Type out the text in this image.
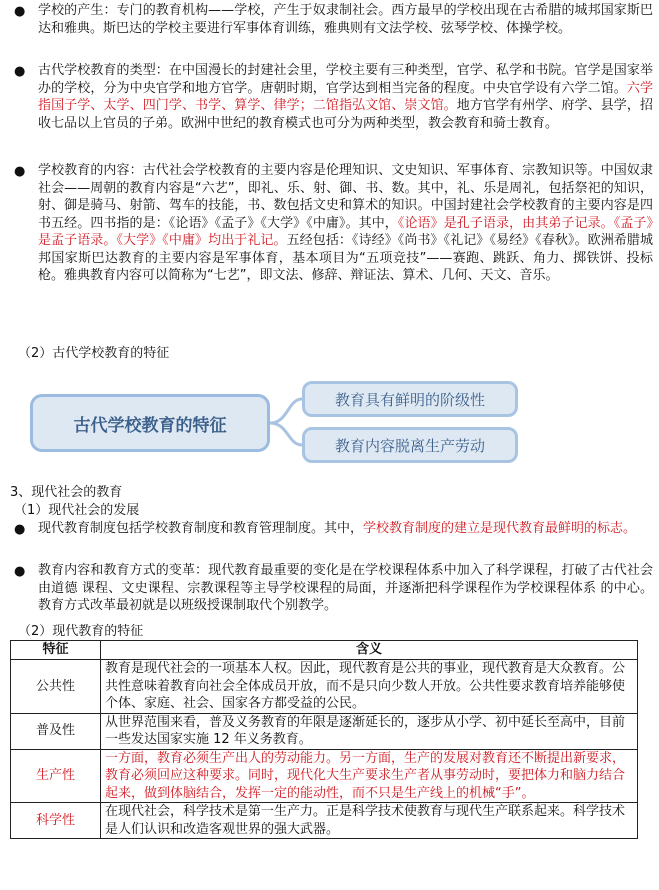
● 学校的产生：专门的教育机构——学校，产生于奴隶制社会。西方最早的学校出现在古希腊的城邦国家斯巴达和雅典。斯巴达的学校主要进行军事体育训练，雅典则有文法学校、弦琴学校、体操学校。
● 古代学校教育的类型：在中国漫长的封建社会里，学校主要有三种类型，官学、私学和书院。官学是国家举办的学校，分为中央官学和地方官学。唐朝时期，官学达到相当完备的程度。中央官学设有六学二馆。六学指国子学、太学、四门学、书学、算学、律学；二馆指弘文馆、崇文馆。地方官学有州学、府学、县学，招收七品以上官员的子弟。欧洲中世纪的教育模式也可分为两种类型，教会教育和骑士教育。
● 学校教育的内容：古代社会学校教育的主要内容是伦理知识、文史知识、军事体育、宗教知识等。中国奴隶社会——周朝的教育内容是“六艺”，即礼、乐、射、御、书、数。其中，礼、乐是周礼，包括祭祀的知识，射、御是骑马、射箭、驾车的技能，书、数包括文史和算术的知识。中国封建社会学校教育的主要内容是四书五经。四书指的是：《论语》《孟子》《大学》《中庸》。其中，《论语》是孔子语录，由其弟子记录。《孟子》是孟子语录。《大学》《中庸》均出于礼记。五经包括：《诗经》《尚书》《礼记》《易经》《春秋》。欧洲希腊城邦国家斯巴达教育的主要内容是军事体育，基本项目为“五项竞技”——赛跑、跳跃、角力、掷铁饼、投标枪。雅典教育内容可以简称为“七艺”，即文法、修辞、辩证法、算术、几何、天文、音乐。
（2）古代学校教育的特征
古代学校教育的特征
教育具有鲜明的阶级性
教育内容脱离生产劳动
3、现代社会的教育
（1）现代社会的发展
● 现代教育制度包括学校教育制度和教育管理制度。其中，学校教育制度的建立是现代教育最鲜明的标志。
● 教育内容和教育方式的变革：现代教育最重要的变化是在学校课程体系中加入了科学课程，打破了古代社会由道德 课程、文史课程、宗教课程等主导学校课程的局面，并逐渐把科学课程作为学校课程体系 的中心。教育方式改革最初就是以班级授课制取代个别教学。
（2）现代教育的特征
特征	含义
公共性	教育是现代社会的一项基本人权。因此，现代教育是公共的事业，现代教育是大众教育。公共性意味着教育向社会全体成员开放，而不是只向少数人开放。公共性要求教育培养能够使个体、家庭、社会、国家各方都受益的公民。
普及性	从世界范围来看，普及义务教育的年限是逐渐延长的，逐步从小学、初中延长至高中，目前一些发达国家实施 12 年义务教育。
生产性	一方面，教育必须生产出人的劳动能力。另一方面，生产的发展对教育还不断提出新要求，教育必须回应这种要求。同时，现代化大生产要求生产者从事劳动时，要把体力和脑力结合起来，做到体脑结合，发挥一定的能动性，而不只是生产线上的机械“手”。
科学性	在现代社会，科学技术是第一生产力。正是科学技术使教育与现代生产联系起来。科学技术是人们认识和改造客观世界的强大武器。
